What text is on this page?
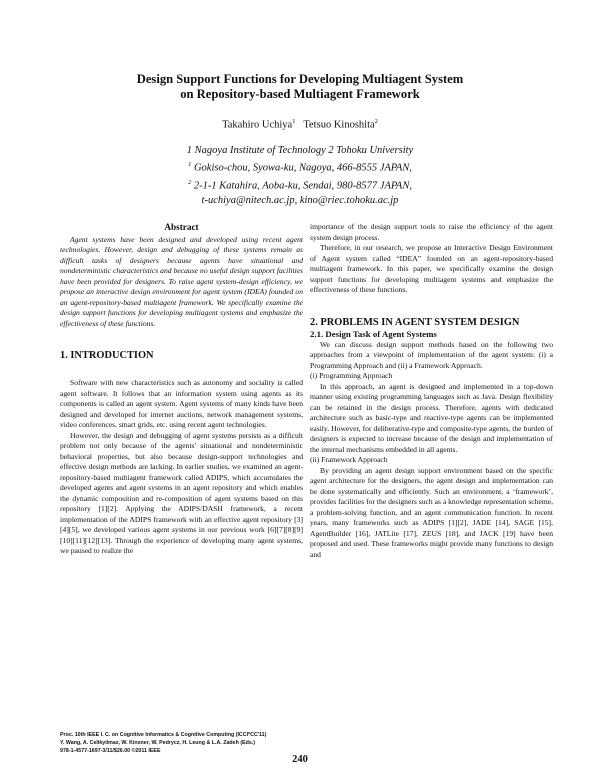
Design Support Functions for Developing Multiagent System
on Repository-based Multiagent Framework
Takahiro Uchiya$^1$ Tetsuo Kinoshita$^2$
1 Nagoya Institute of Technology 2 Tohoku University
$^1$ Gokiso-chou, Syowa-ku, Nagoya, 466-8555 JAPAN,
$^2$ 2-1-1 Katahira, Aoba-ku, Sendai, 980-8577 JAPAN,
t-uchiya@nitech.ac.jp, kino@riec.tohoku.ac.jp
Abstract

Agent systems have been designed and developed using recent agent technologies. However, design and debugging of these systems remain as difficult tasks of designers because agents have situational and nondeterministic characteristics and because no useful design support facilities have been provided for designers. To raise agent system-design efficiency, we propose an interactive design environment for agent system (IDEA) founded on an agent-repository-based multiagent framework. We specifically examine the design support functions for developing multiagent systems and emphasize the effectiveness of these functions.

1. INTRODUCTION

Software with new characteristics such as autonomy and sociality is called agent software. It follows that an information system using agents as its components is called an agent system. Agent systems of many kinds have been designed and developed for internet auctions, network management systems, video conferences, smart grids, etc. using recent agent technologies.

However, the design and debugging of agent systems persists as a difficult problem not only because of the agents' situational and nondeterministic behavioral properties, but also because design-support technologies and effective design methods are lacking. In earlier studies, we examined an agent-repository-based multiagent framework called ADIPS, which accumulates the developed agents and agent systems in an agent repository and which enables the dynamic composition and re-composition of agent systems based on this repository [1][2]. Applying the ADIPS/DASH framework, a recent implementation of the ADIPS framework with an effective agent repository [3][4][5], we developed various agent systems in our previous work [6][7][8][9][10][11][12][13]. Through the experience of developing many agent systems, we paused to realize the

importance of the design support tools to raise the efficiency of the agent system design process.

Therefore, in our research, we propose an Interactive Design Environment of Agent system called “IDEA” founded on an agent-repository-based multiagent framework. In this paper, we specifically examine the design support functions for developing multiagent systems and emphasize the effectiveness of these functions.

2. PROBLEMS IN AGENT SYSTEM DESIGN

2.1. Design Task of Agent Systems

We can discuss design support methods based on the following two approaches from a viewpoint of implementation of the agent system: (i) a Programming Approach and (ii) a Framework Approach.

(i) Programming Approach

In this approach, an agent is designed and implemented in a top-down manner using existing programming languages such as Java. Design flexibility can be retained in the design process. Therefore, agents with dedicated architecture such as basic-type and reactive-type agents can be implemented easily. However, for deliberative-type and composite-type agents, the burden of designers is expected to increase because of the design and implementation of the internal mechanisms embedded in all agents.

(ii) Framework Approach

By providing an agent design support environment based on the specific agent architecture for the designers, the agent design and implementation can be done systematically and efficiently. Such an environment, a ‘framework’, provides facilities for the designers such as a knowledge representation scheme, a problem-solving function, and an agent communication function. In recent years, many frameworks such as ADIPS [1][2], JADE [14], SAGE [15], AgentBuilder [16], JATLite [17], ZEUS [18], and JACK [19] have been proposed and used. These frameworks might provide many functions to design and

Proc. 10th IEEE I. C. on Cognitive Informatics & Cognitive Computing (ICCI*CC'11)
Y. Wang, A. Celikyilmaz, W. Kinsner, W. Pedrycz, H. Leung & L.A. Zadeh (Eds.)
978-1-4577-1697-3/11/$26.00 ©2011 IEEE
240
